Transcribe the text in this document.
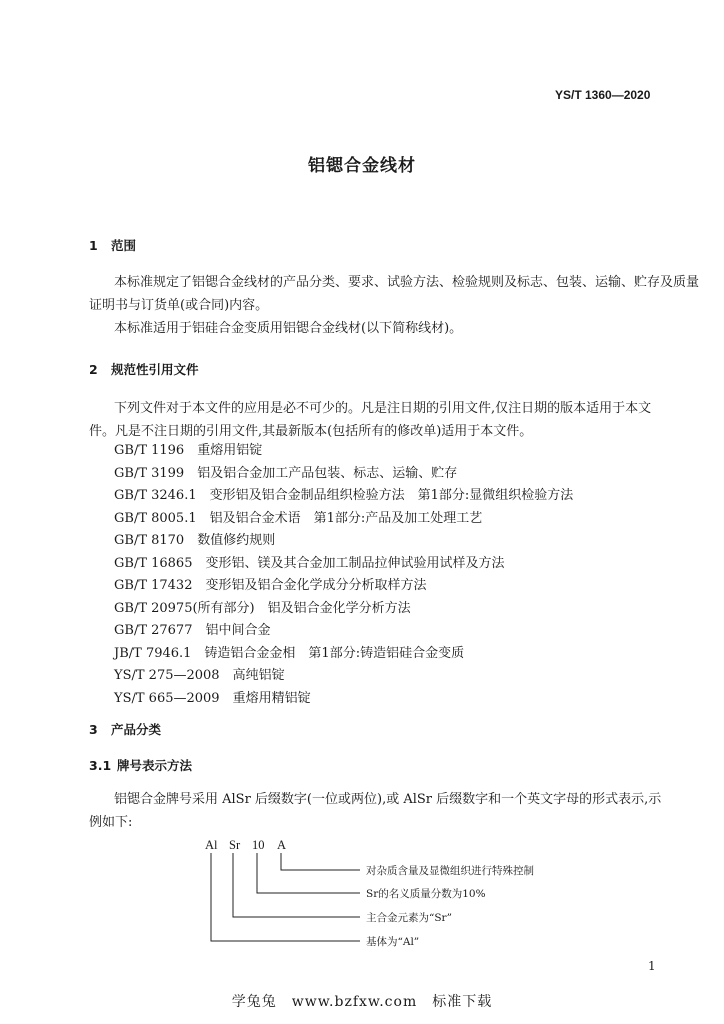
YS/T 1360—2020
铝锶合金线材
1 范围
本标准规定了铝锶合金线材的产品分类、要求、试验方法、检验规则及标志、包装、运输、贮存及质量
证明书与订货单(或合同)内容。
本标准适用于铝硅合金变质用铝锶合金线材(以下简称线材)。
2 规范性引用文件
下列文件对于本文件的应用是必不可少的。凡是注日期的引用文件,仅注日期的版本适用于本文
件。凡是不注日期的引用文件,其最新版本(包括所有的修改单)适用于本文件。
GB/T 1196　重熔用铝锭
GB/T 3199　铝及铝合金加工产品包装、标志、运输、贮存
GB/T 3246.1　变形铝及铝合金制品组织检验方法　第1部分:显微组织检验方法
GB/T 8005.1　铝及铝合金术语　第1部分:产品及加工处理工艺
GB/T 8170　数值修约规则
GB/T 16865　变形铝、镁及其合金加工制品拉伸试验用试样及方法
GB/T 17432　变形铝及铝合金化学成分分析取样方法
GB/T 20975(所有部分)　铝及铝合金化学分析方法
GB/T 27677　铝中间合金
JB/T 7946.1　铸造铝合金金相　第1部分:铸造铝硅合金变质
YS/T 275—2008　高纯铝锭
YS/T 665—2009　重熔用精铝锭
3 产品分类
3.1 牌号表示方法
铝锶合金牌号采用 AlSr 后缀数字(一位或两位),或 AlSr 后缀数字和一个英文字母的形式表示,示
例如下:
Al Sr 10 A
对杂质含量及显微组织进行特殊控制
Sr的名义质量分数为10%
主合金元素为“Sr”
基体为“Al”
1
学兔兔　www.bzfxw.com　标准下载
